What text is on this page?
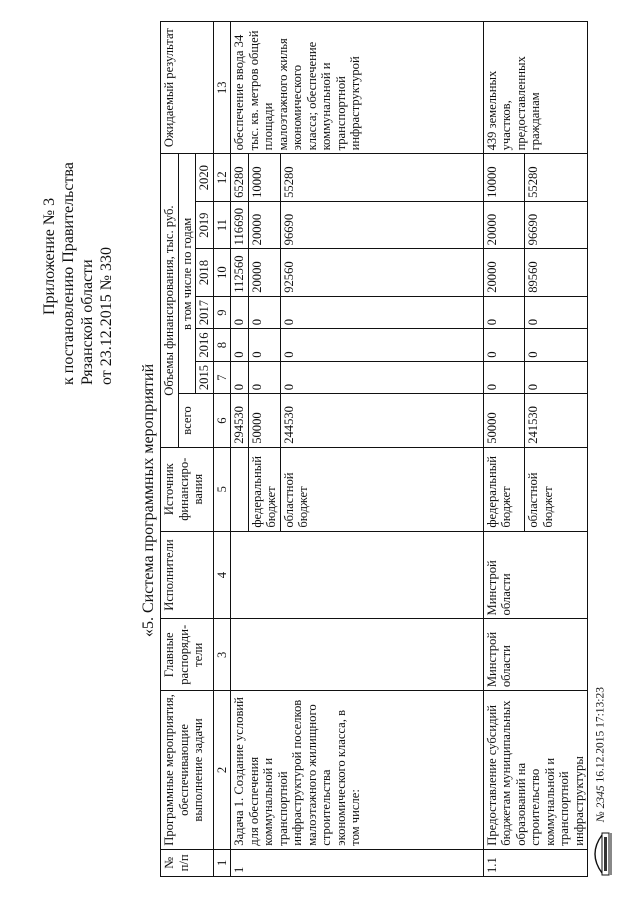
Приложение № 3 к постановлению Правительства Рязанской области от 23.12.2015 № 330
«5. Система программных мероприятий
№ п/п	Программные мероприятия, обеспечивающие выполнение задачи	Главные распоряди-тели	Исполнители	Источник финансиро-вания	Объемы финансирования, тыс. руб.							Ожидаемый результат
					всего	в том числе по годам						
						2015	2016	2017	2018	2019	2020	
1	2	3	4	5	6	7	8	9	10	11	12	13
1	Задача 1. Создание условий для обеспечения коммунальной и транспортной инфраструктурой поселков малоэтажного жилищного строительства экономического класса, в том числе:				294530	0	0	0	112560	116690	65280	обеспечение ввода 34 тыс. кв. метров общей площади малоэтажного жилья экономического класса; обеспечение коммунальной и транспортной инфраструктурой
				федеральный бюджет	50000	0	0	0	20000	20000	10000	
				областной бюджет	244530	0	0	0	92560	96690	55280	
1.1	Предоставление субсидий бюджетам муниципальных образований на строительство коммунальной и транспортной инфраструктуры	Минстрой области	Минстрой области	федеральный бюджет	50000	0	0	0	20000	20000	10000	439 земельных участков, предоставленных гражданам
				областной бюджет	241530	0	0	0	89560	96690	55280	
№ 2345 16.12.2015 17:13:23
